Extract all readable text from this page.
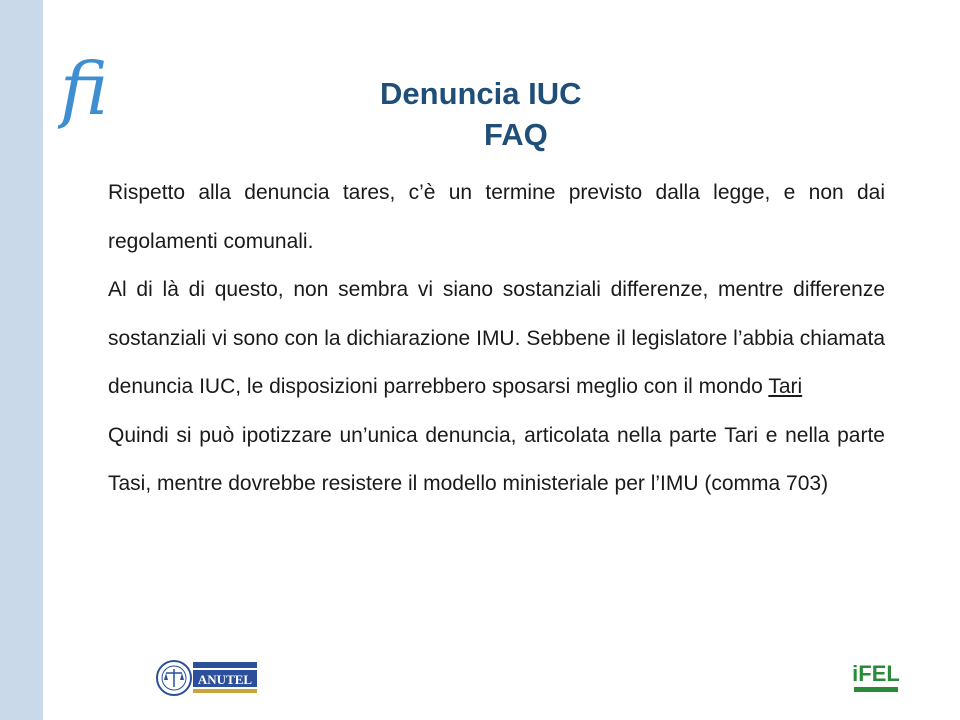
fi	Denuncia IUC
FAQ

Rispetto alla denuncia tares, c’è un termine previsto dalla legge, e non dai regolamenti comunali.

Al di là di questo, non sembra vi siano sostanziali differenze, mentre differenze sostanziali vi sono con la dichiarazione IMU. Sebbene il legislatore l’abbia chiamata denuncia IUC, le disposizioni parrebbero sposarsi meglio con il mondo Tari

Quindi si può ipotizzare un’unica denuncia, articolata nella parte Tari e nella parte Tasi, mentre dovrebbe resistere il modello ministeriale per l’IMU (comma 703)

ANUTEL	iFEL
